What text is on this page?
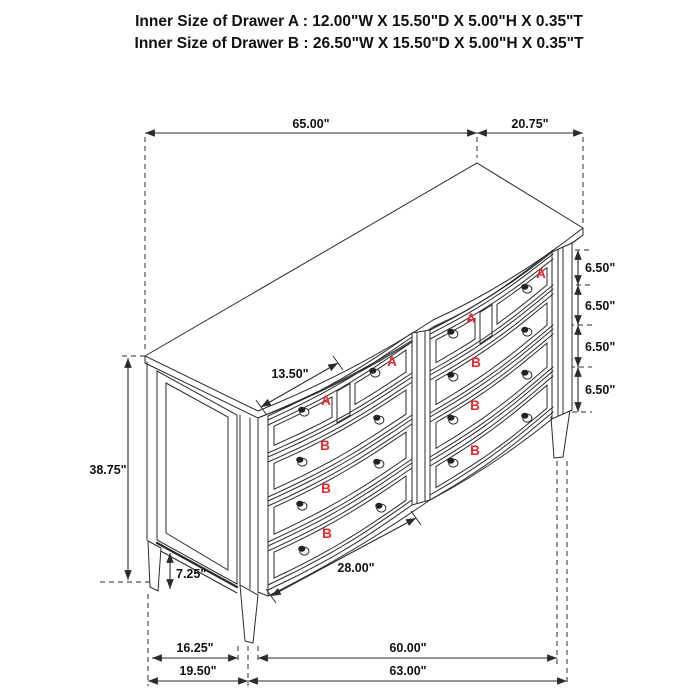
Inner Size of Drawer A : 12.00"W X 15.50"D X 5.00"H X 0.35"T
Inner Size of Drawer B : 26.50"W X 15.50"D X 5.00"H X 0.35"T
65.00"	20.75"
6.50"
6.50"
6.50"
6.50"
38.75"
7.25"
13.50"
28.00"
16.25"	60.00"
19.50"	63.00"
A
A
B
B
B
A
A
B
B
B
